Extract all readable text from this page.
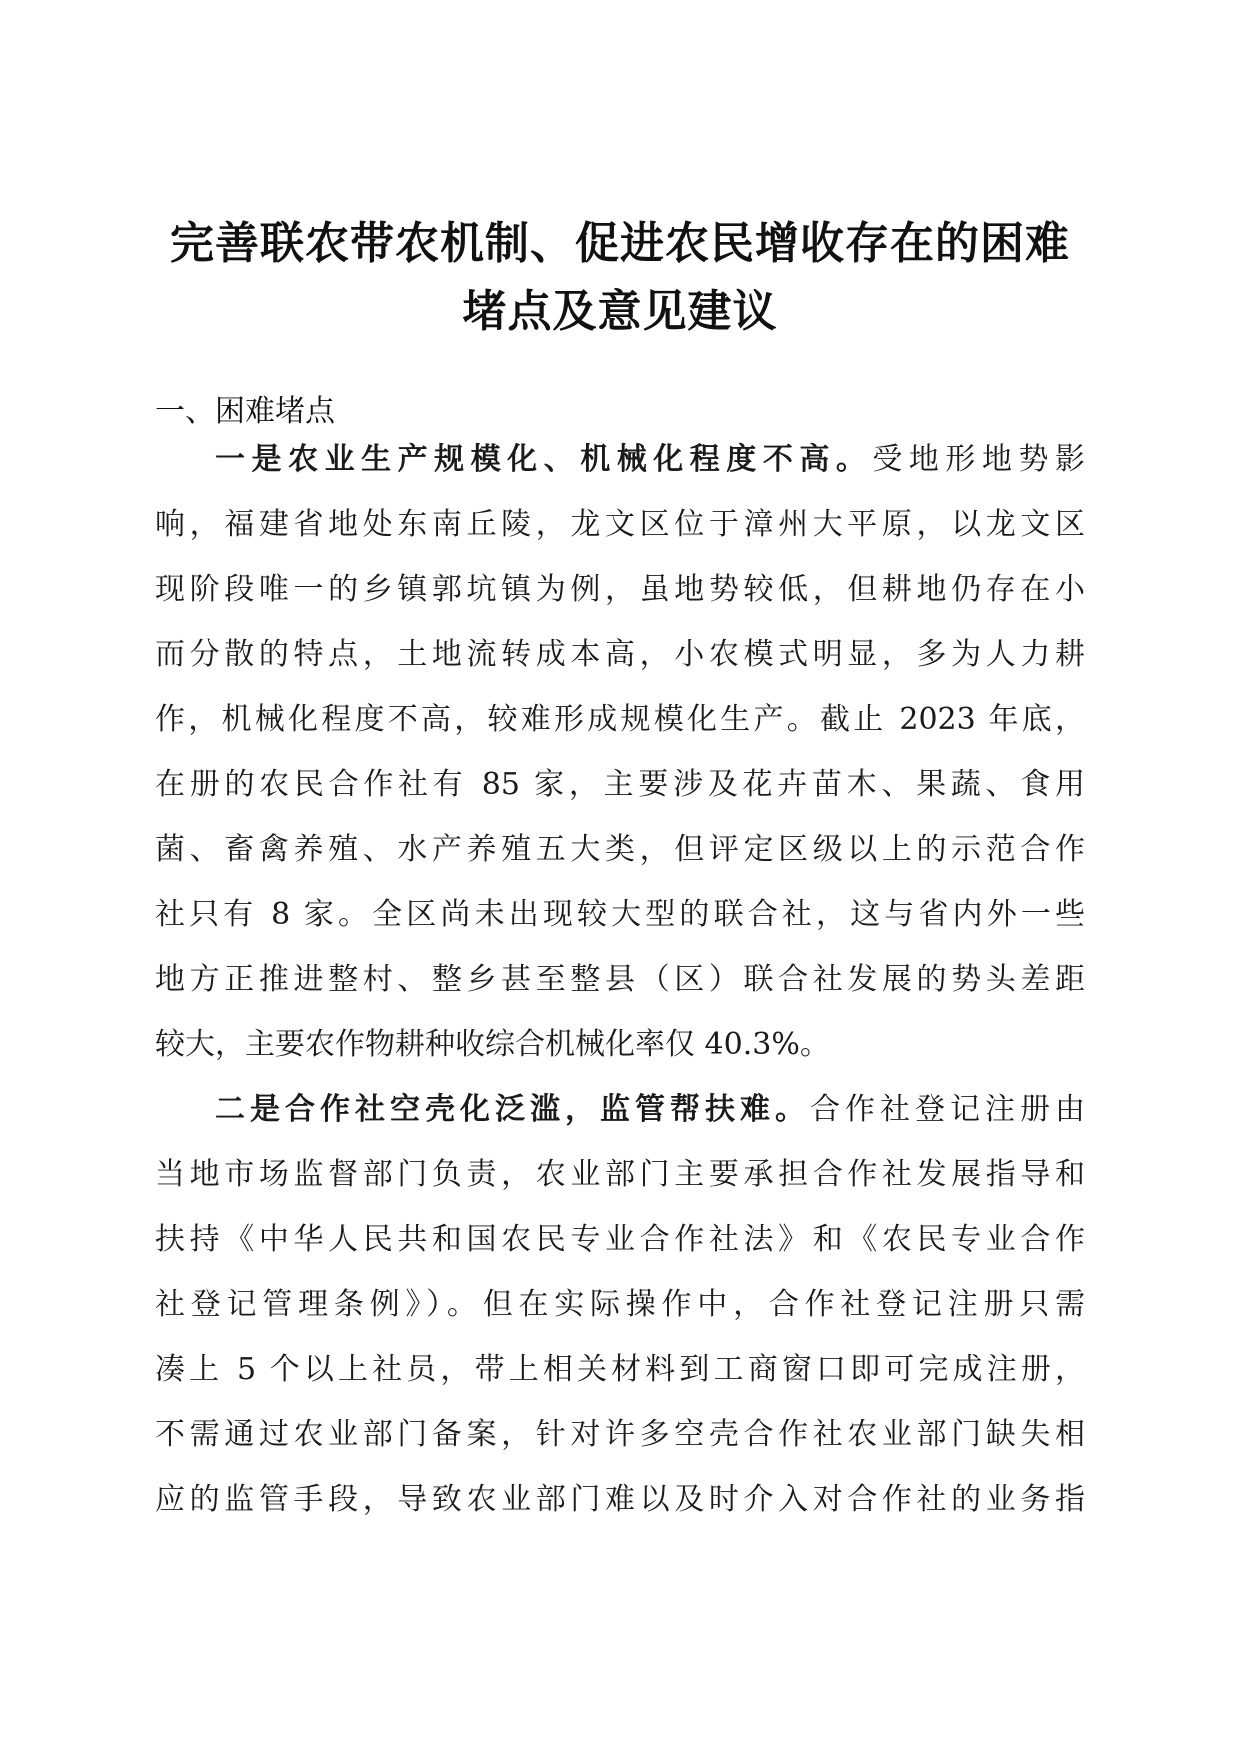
完善联农带农机制、促进农民增收存在的困难
堵点及意见建议
一、困难堵点
一是农业生产规模化、机械化程度不高。受地形地势影
响，福建省地处东南丘陵，龙文区位于漳州大平原，以龙文区
现阶段唯一的乡镇郭坑镇为例，虽地势较低，但耕地仍存在小
而分散的特点，土地流转成本高，小农模式明显，多为人力耕
作，机械化程度不高，较难形成规模化生产。截止 2023 年底，
在册的农民合作社有 85 家，主要涉及花卉苗木、果蔬、食用
菌、畜禽养殖、水产养殖五大类，但评定区级以上的示范合作
社只有 8 家。全区尚未出现较大型的联合社，这与省内外一些
地方正推进整村、整乡甚至整县（区）联合社发展的势头差距
较大，主要农作物耕种收综合机械化率仅 40.3%。
二是合作社空壳化泛滥，监管帮扶难。合作社登记注册由
当地市场监督部门负责，农业部门主要承担合作社发展指导和
扶持《中华人民共和国农民专业合作社法》和《农民专业合作
社登记管理条例》）。但在实际操作中，合作社登记注册只需
凑上 5 个以上社员，带上相关材料到工商窗口即可完成注册，
不需通过农业部门备案，针对许多空壳合作社农业部门缺失相
应的监管手段，导致农业部门难以及时介入对合作社的业务指
